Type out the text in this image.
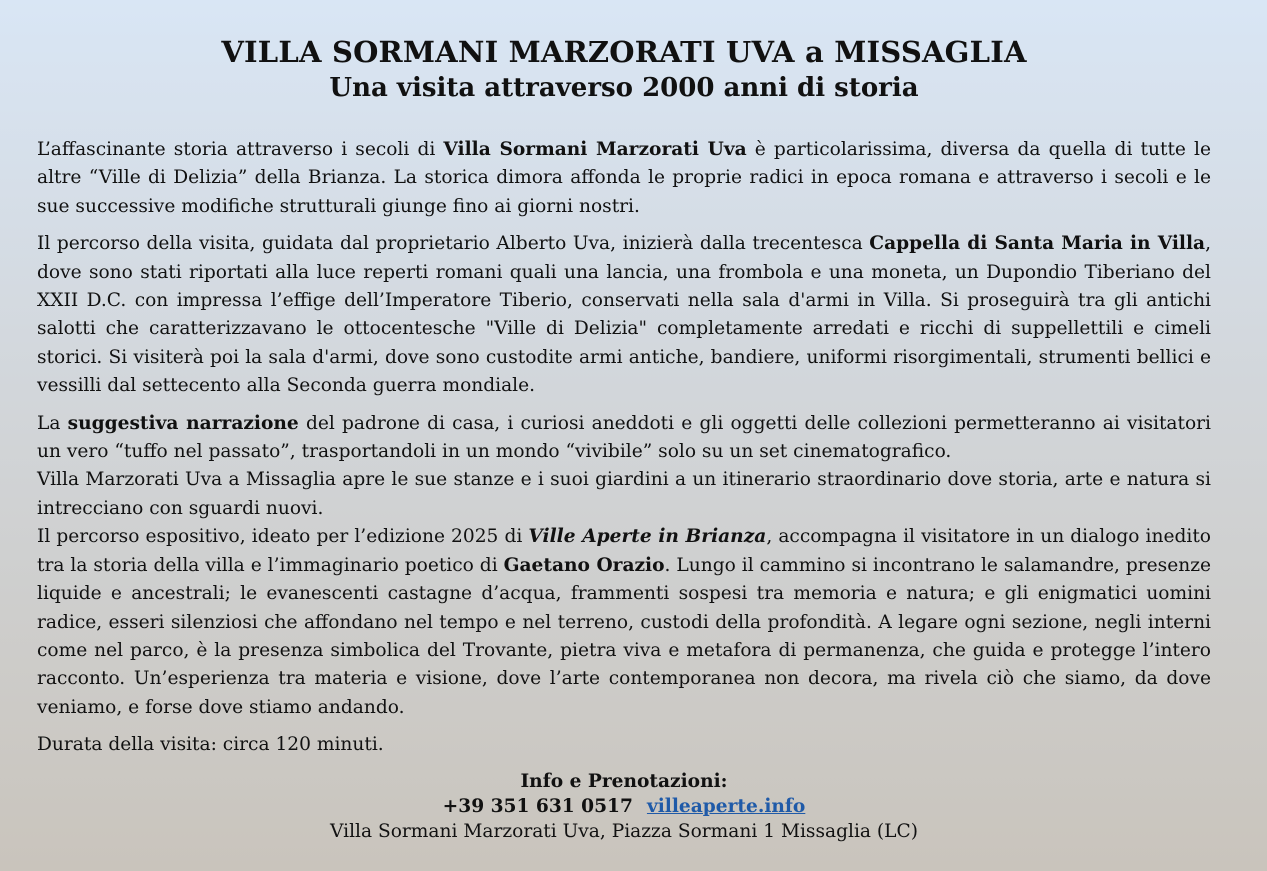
VILLA SORMANI MARZORATI UVA a MISSAGLIA
Una visita attraverso 2000 anni di storia

L’affascinante storia attraverso i secoli di Villa Sormani Marzorati Uva è particolarissima, diversa da quella di tutte le altre “Ville di Delizia” della Brianza. La storica dimora affonda le proprie radici in epoca romana e attraverso i secoli e le sue successive modifiche strutturali giunge fino ai giorni nostri.

Il percorso della visita, guidata dal proprietario Alberto Uva, inizierà dalla trecentesca Cappella di Santa Maria in Villa, dove sono stati riportati alla luce reperti romani quali una lancia, una frombola e una moneta, un Dupondio Tiberiano del XXII D.C. con impressa l’effige dell’Imperatore Tiberio, conservati nella sala d'armi in Villa. Si proseguirà tra gli antichi salotti che caratterizzavano le ottocentesche "Ville di Delizia" completamente arredati e ricchi di suppellettili e cimeli storici. Si visiterà poi la sala d'armi, dove sono custodite armi antiche, bandiere, uniformi risorgimentali, strumenti bellici e vessilli dal settecento alla Seconda guerra mondiale.

La suggestiva narrazione del padrone di casa, i curiosi aneddoti e gli oggetti delle collezioni permetteranno ai visitatori un vero “tuffo nel passato”, trasportandoli in un mondo “vivibile” solo su un set cinematografico.

Villa Marzorati Uva a Missaglia apre le sue stanze e i suoi giardini a un itinerario straordinario dove storia, arte e natura si intrecciano con sguardi nuovi.

Il percorso espositivo, ideato per l’edizione 2025 di Ville Aperte in Brianza, accompagna il visitatore in un dialogo inedito tra la storia della villa e l’immaginario poetico di Gaetano Orazio. Lungo il cammino si incontrano le salamandre, presenze liquide e ancestrali; le evanescenti castagne d’acqua, frammenti sospesi tra memoria e natura; e gli enigmatici uomini radice, esseri silenziosi che affondano nel tempo e nel terreno, custodi della profondità. A legare ogni sezione, negli interni come nel parco, è la presenza simbolica del Trovante, pietra viva e metafora di permanenza, che guida e protegge l’intero racconto. Un’esperienza tra materia e visione, dove l’arte contemporanea non decora, ma rivela ciò che siamo, da dove veniamo, e forse dove stiamo andando.

Durata della visita: circa 120 minuti.

Info e Prenotazioni:
+39 351 631 0517 villeaperte.info
Villa Sormani Marzorati Uva, Piazza Sormani 1 Missaglia (LC)
